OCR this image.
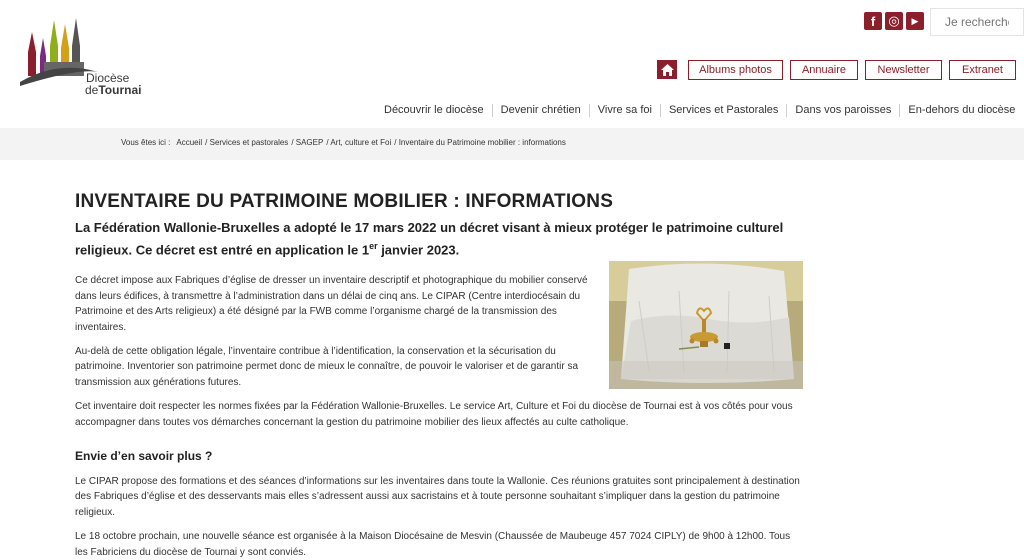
Diocèse
deTournai
f	◎	▶
Je recherche...
Albums photos	Annuaire	Newsletter	Extranet
Découvrir le diocèse	Devenir chrétien	Vivre sa foi	Services et Pastorales	Dans vos paroisses	En-dehors du diocèse
Vous êtes ici : Accueil / Services et pastorales / SAGEP / Art, culture et Foi / Inventaire du Patrimoine mobilier : informations
INVENTAIRE DU PATRIMOINE MOBILIER : INFORMATIONS
La Fédération Wallonie-Bruxelles a adopté le 17 mars 2022 un décret visant à mieux protéger le patrimoine culturel religieux. Ce décret est entré en application le 1er janvier 2023.

Ce décret impose aux Fabriques d’église de dresser un inventaire descriptif et photographique du mobilier conservé dans leurs édifices, à transmettre à l’administration dans un délai de cinq ans. Le CIPAR (Centre interdiocésain du Patrimoine et des Arts religieux) a été désigné par la FWB comme l’organisme chargé de la transmission des inventaires.

Au-delà de cette obligation légale, l’inventaire contribue à l’identification, la conservation et la sécurisation du patrimoine. Inventorier son patrimoine permet donc de mieux le connaître, de pouvoir le valoriser et de garantir sa transmission aux générations futures.

Cet inventaire doit respecter les normes fixées par la Fédération Wallonie-Bruxelles. Le service Art, Culture et Foi du diocèse de Tournai est à vos côtés pour vous accompagner dans toutes vos démarches concernant la gestion du patrimoine mobilier des lieux affectés au culte catholique.

Envie d’en savoir plus ?

Le CIPAR propose des formations et des séances d’informations sur les inventaires dans toute la Wallonie. Ces réunions gratuites sont principalement à destination des Fabriques d’église et des desservants mais elles s’adressent aussi aux sacristains et à toute personne souhaitant s’impliquer dans la gestion du patrimoine religieux.

Le 18 octobre prochain, une nouvelle séance est organisée à la Maison Diocésaine de Mesvin (Chaussée de Maubeuge 457 7024 CIPLY) de 9h00 à 12h00. Tous les Fabriciens du diocèse de Tournai y sont conviés.
